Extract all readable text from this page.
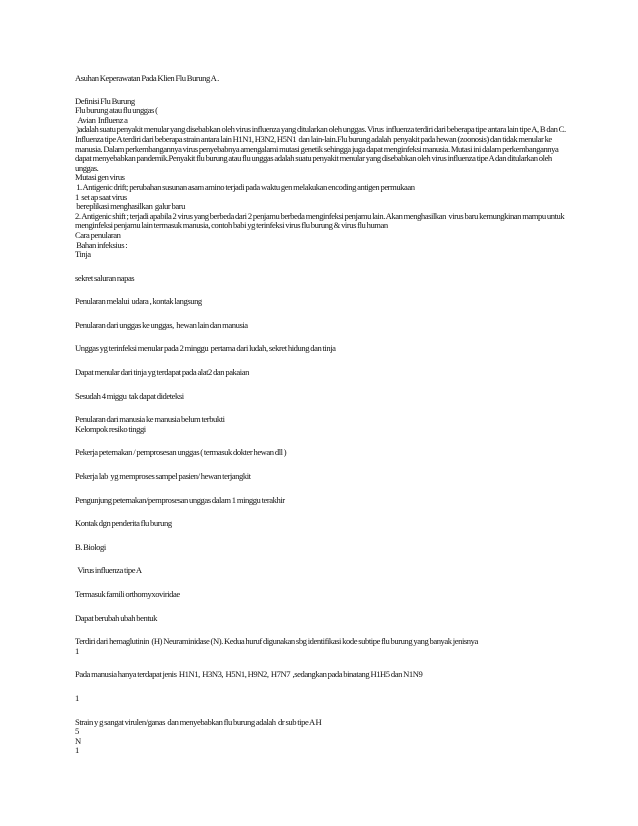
Asuhan Keperawatan Pada Klien Flu Burung A .

Definisi Flu Burung

Flu burung atau flu unggas (

Avian  Influenz a

)adalah suatu penyakit menular yang disebabkan oleh virus influenza yang ditularkan oleh unggas. Virus  influenza terdiri dari beberapa tipe antara lain tipe A, B dan C. Influenza tipe A terdiri dari beberapa strain antara lain H1N1, H3N2, H5N1  dan lain-lain.Flu burung adalah  penyakit pada hewan (zoonosis) dan tidak menular ke manusia. Dalam perkembangannya virus penyebabnya amengalami mutasi genetik sehingga juga dapat menginfeksi manusia. Mutasi ini dalam perkembangannya dapat menyebabkan pandemik.Penyakit flu burung atau flu unggas adalah suatu penyakit menular yang disebabkan oleh virus influenza tipe A dan ditularkan oleh unggas.

Mutasi gen virus

1. Antigenic drift; perubahan susunan asam amino terjadi pada waktu gen melakukan encoding antigen permukaan

1  set ap saat virus

bereplikasi menghasilkan  galur baru

2. Antigenic shift ; terjadi apabila 2 virus yang berbeda dari 2 penjamu berbeda menginfeksi penjamu lain. Akan menghasilkan  virus baru kemungkinan mampu untuk menginfeksi penjamu lain termasuk manusia, contoh babi yg terinfeksi virus flu burung & virus flu human

Cara penularan

Bahan infeksius :

Tinja

sekret saluran napas

Penularan melalui  udara , kontak langsung

Penularan dari unggas ke unggas,  hewan lain dan manusia

Unggas yg terinfeksi menular pada 2 minggu  pertama dari ludah, sekret hidung dan tinja

Dapat menular dari tinja yg terdapat pada alat2 dan pakaian

Sesudah 4 miggu  tak dapat dideteksi

Penularan dari manusia ke manusia belum terbukti

Kelompok resiko tinggi

Pekerja peternakan / pemprosesan unggas ( termasuk dokter hewan dll )

Pekerja lab  yg memproses sampel pasien/ hewan terjangkit

Pengunjung peternakan/pemprosesan unggas dalam 1 minggu terakhir

Kontak dgn penderita flu burung

B. Biologi

Virus influenza tipe A

Termasuk famili orthomyxoviridae

Dapat berubah ubah bentuk

Terdiri dari hemaglutinin  (H) Neuraminidase (N). Kedua huruf digunakan sbg identifikasi kode subtipe flu burung yang banyak jenisnya

1

Pada manusia hanya terdapat jenis  H1N1,  H3N3,  H5N1, H9N2,  H7N7  ,sedangkan pada binatang H1H5 dan N1N9

1

Strain y g sangat virulen/ganas  dan menyebabkan flu burung adalah  dr sub tipe A H

5

N

1
